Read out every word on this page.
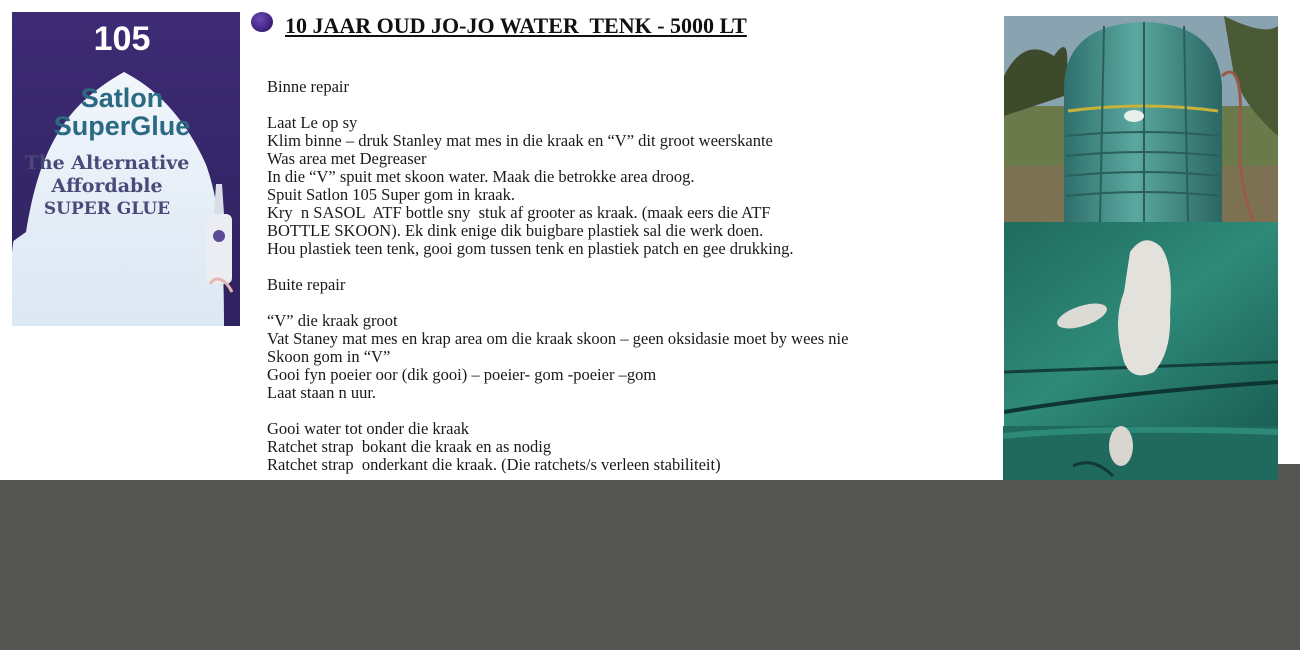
105
Satlon
SuperGlue
The Alternative
Affordable
SUPER GLUE
10 JAAR OUD JO-JO WATER  TENK - 5000 LT
Binne repair
Laat Le op sy
Klim binne – druk Stanley mat mes in die kraak en “V” dit groot weerskante
Was area met Degreaser
In die “V” spuit met skoon water. Maak die betrokke area droog.
Spuit Satlon 105 Super gom in kraak.
Kry  n SASOL  ATF bottle sny  stuk af grooter as kraak. (maak eers die ATF
BOTTLE SKOON). Ek dink enige dik buigbare plastiek sal die werk doen.
Hou plastiek teen tenk, gooi gom tussen tenk en plastiek patch en gee drukking.
Buite repair
“V” die kraak groot
Vat Staney mat mes en krap area om die kraak skoon – geen oksidasie moet by wees nie
Skoon gom in “V”
Gooi fyn poeier oor (dik gooi) – poeier- gom -poeier –gom
Laat staan n uur.
Gooi water tot onder die kraak
Ratchet strap  bokant die kraak en as nodig
Ratchet strap  onderkant die kraak. (Die ratchets/s verleen stabiliteit)
